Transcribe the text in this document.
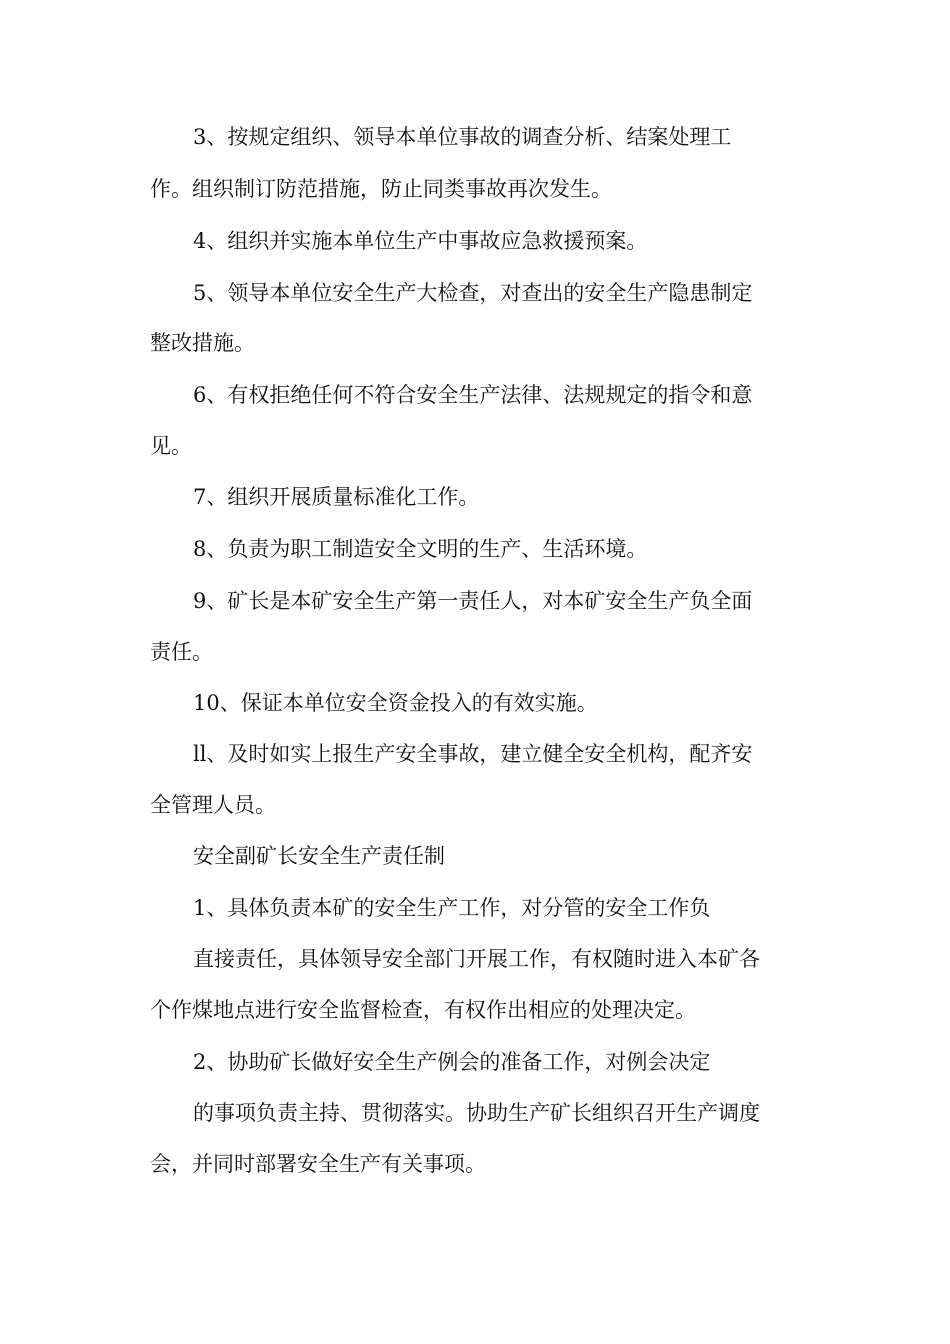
3、按规定组织、领导本单位事故的调查分析、结案处理工
作。组织制订防范措施，防止同类事故再次发生。
4、组织并实施本单位生产中事故应急救援预案。
5、领导本单位安全生产大检查，对查出的安全生产隐患制定
整改措施。
6、有权拒绝任何不符合安全生产法律、法规规定的指令和意
见。
7、组织开展质量标准化工作。
8、负责为职工制造安全文明的生产、生活环境。
9、矿长是本矿安全生产第一责任人，对本矿安全生产负全面
责任。
10、保证本单位安全资金投入的有效实施。
ll、及时如实上报生产安全事故，建立健全安全机构，配齐安
全管理人员。
安全副矿长安全生产责任制
1、具体负责本矿的安全生产工作，对分管的安全工作负
直接责任，具体领导安全部门开展工作，有权随时进入本矿各
个作煤地点进行安全监督检查，有权作出相应的处理决定。
2、协助矿长做好安全生产例会的准备工作，对例会决定
的事项负责主持、贯彻落实。协助生产矿长组织召开生产调度
会，并同时部署安全生产有关事项。
